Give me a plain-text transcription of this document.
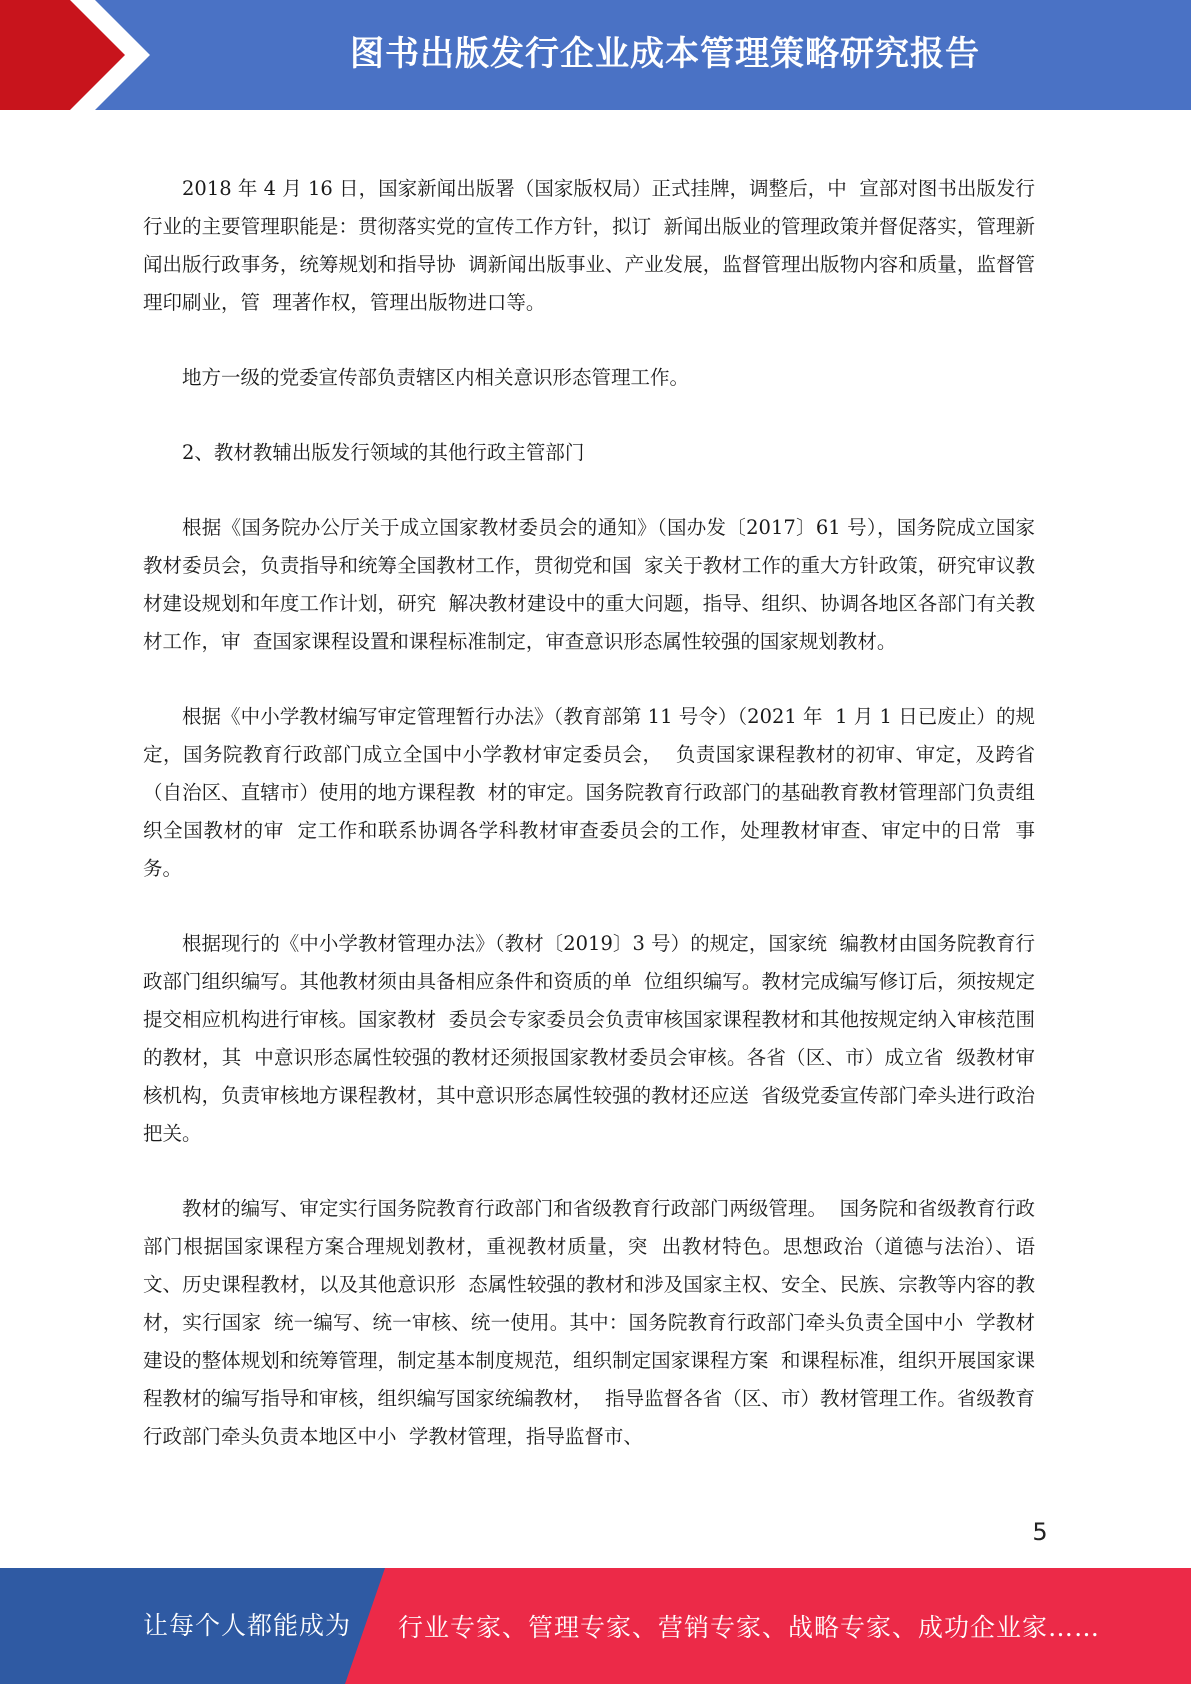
图书出版发行企业成本管理策略研究报告

2018 年 4 月 16 日，国家新闻出版署（国家版权局）正式挂牌，调整后，中  宣部对图书出版发行行业的主要管理职能是：贯彻落实党的宣传工作方针，拟订  新闻出版业的管理政策并督促落实，管理新闻出版行政事务，统筹规划和指导协  调新闻出版事业、产业发展，监督管理出版物内容和质量，监督管理印刷业，管  理著作权，管理出版物进口等。

地方一级的党委宣传部负责辖区内相关意识形态管理工作。

2、教材教辅出版发行领域的其他行政主管部门

根据《国务院办公厅关于成立国家教材委员会的通知》（国办发〔2017〕61 号），国务院成立国家教材委员会，负责指导和统筹全国教材工作，贯彻党和国  家关于教材工作的重大方针政策，研究审议教材建设规划和年度工作计划，研究  解决教材建设中的重大问题，指导、组织、协调各地区各部门有关教材工作，审  查国家课程设置和课程标准制定，审查意识形态属性较强的国家规划教材。

根据《中小学教材编写审定管理暂行办法》（教育部第 11 号令）（2021 年  1 月 1 日已废止）的规定，国务院教育行政部门成立全国中小学教材审定委员会，  负责国家课程教材的初审、审定，及跨省（自治区、直辖市）使用的地方课程教  材的审定。国务院教育行政部门的基础教育教材管理部门负责组织全国教材的审  定工作和联系协调各学科教材审查委员会的工作，处理教材审查、审定中的日常  事务。

根据现行的《中小学教材管理办法》（教材〔2019〕3 号）的规定，国家统  编教材由国务院教育行政部门组织编写。其他教材须由具备相应条件和资质的单  位组织编写。教材完成编写修订后，须按规定提交相应机构进行审核。国家教材  委员会专家委员会负责审核国家课程教材和其他按规定纳入审核范围的教材，其  中意识形态属性较强的教材还须报国家教材委员会审核。各省（区、市）成立省  级教材审核机构，负责审核地方课程教材，其中意识形态属性较强的教材还应送  省级党委宣传部门牵头进行政治把关。

教材的编写、审定实行国务院教育行政部门和省级教育行政部门两级管理。  国务院和省级教育行政部门根据国家课程方案合理规划教材，重视教材质量，突  出教材特色。思想政治（道德与法治）、语文、历史课程教材，以及其他意识形  态属性较强的教材和涉及国家主权、安全、民族、宗教等内容的教材，实行国家  统一编写、统一审核、统一使用。其中：国务院教育行政部门牵头负责全国中小  学教材建设的整体规划和统筹管理，制定基本制度规范，组织制定国家课程方案  和课程标准，组织开展国家课程教材的编写指导和审核，组织编写国家统编教材，  指导监督各省（区、市）教材管理工作。省级教育行政部门牵头负责本地区中小  学教材管理，指导监督市、

5
让每个人都能成为 行业专家、管理专家、营销专家、战略专家、成功企业家……
